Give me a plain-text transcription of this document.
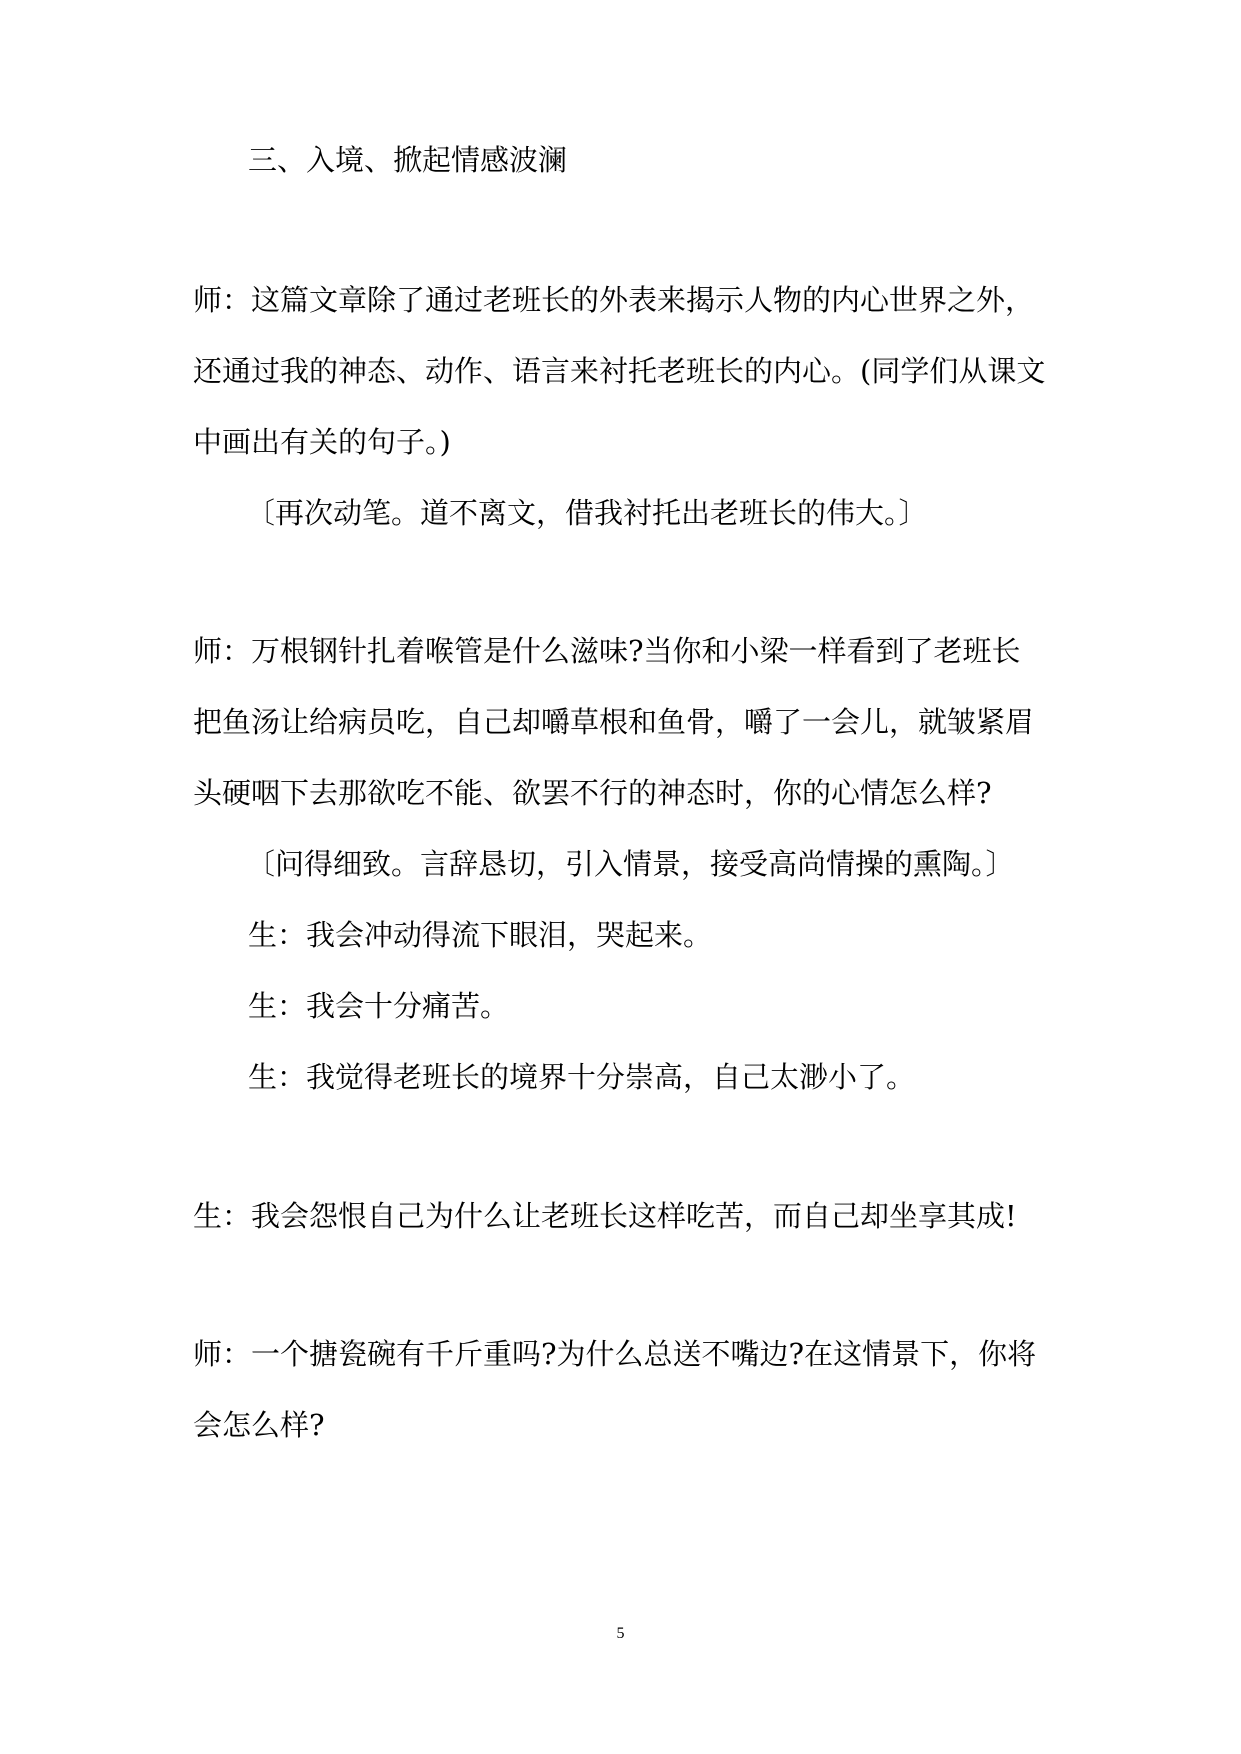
三、入境、掀起情感波澜
师：这篇文章除了通过老班长的外表来揭示人物的内心世界之外，
还通过我的神态、动作、语言来衬托老班长的内心。(同学们从课文
中画出有关的句子。)
〔再次动笔。道不离文，借我衬托出老班长的伟大。〕
师：万根钢针扎着喉管是什么滋味?当你和小梁一样看到了老班长
把鱼汤让给病员吃，自己却嚼草根和鱼骨，嚼了一会儿，就皱紧眉
头硬咽下去那欲吃不能、欲罢不行的神态时，你的心情怎么样?
〔问得细致。言辞恳切，引入情景，接受高尚情操的熏陶。〕
生：我会冲动得流下眼泪，哭起来。
生：我会十分痛苦。
生：我觉得老班长的境界十分崇高，自己太渺小了。
生：我会怨恨自己为什么让老班长这样吃苦，而自己却坐享其成!
师：一个搪瓷碗有千斤重吗?为什么总送不嘴边?在这情景下，你将
会怎么样?
5
